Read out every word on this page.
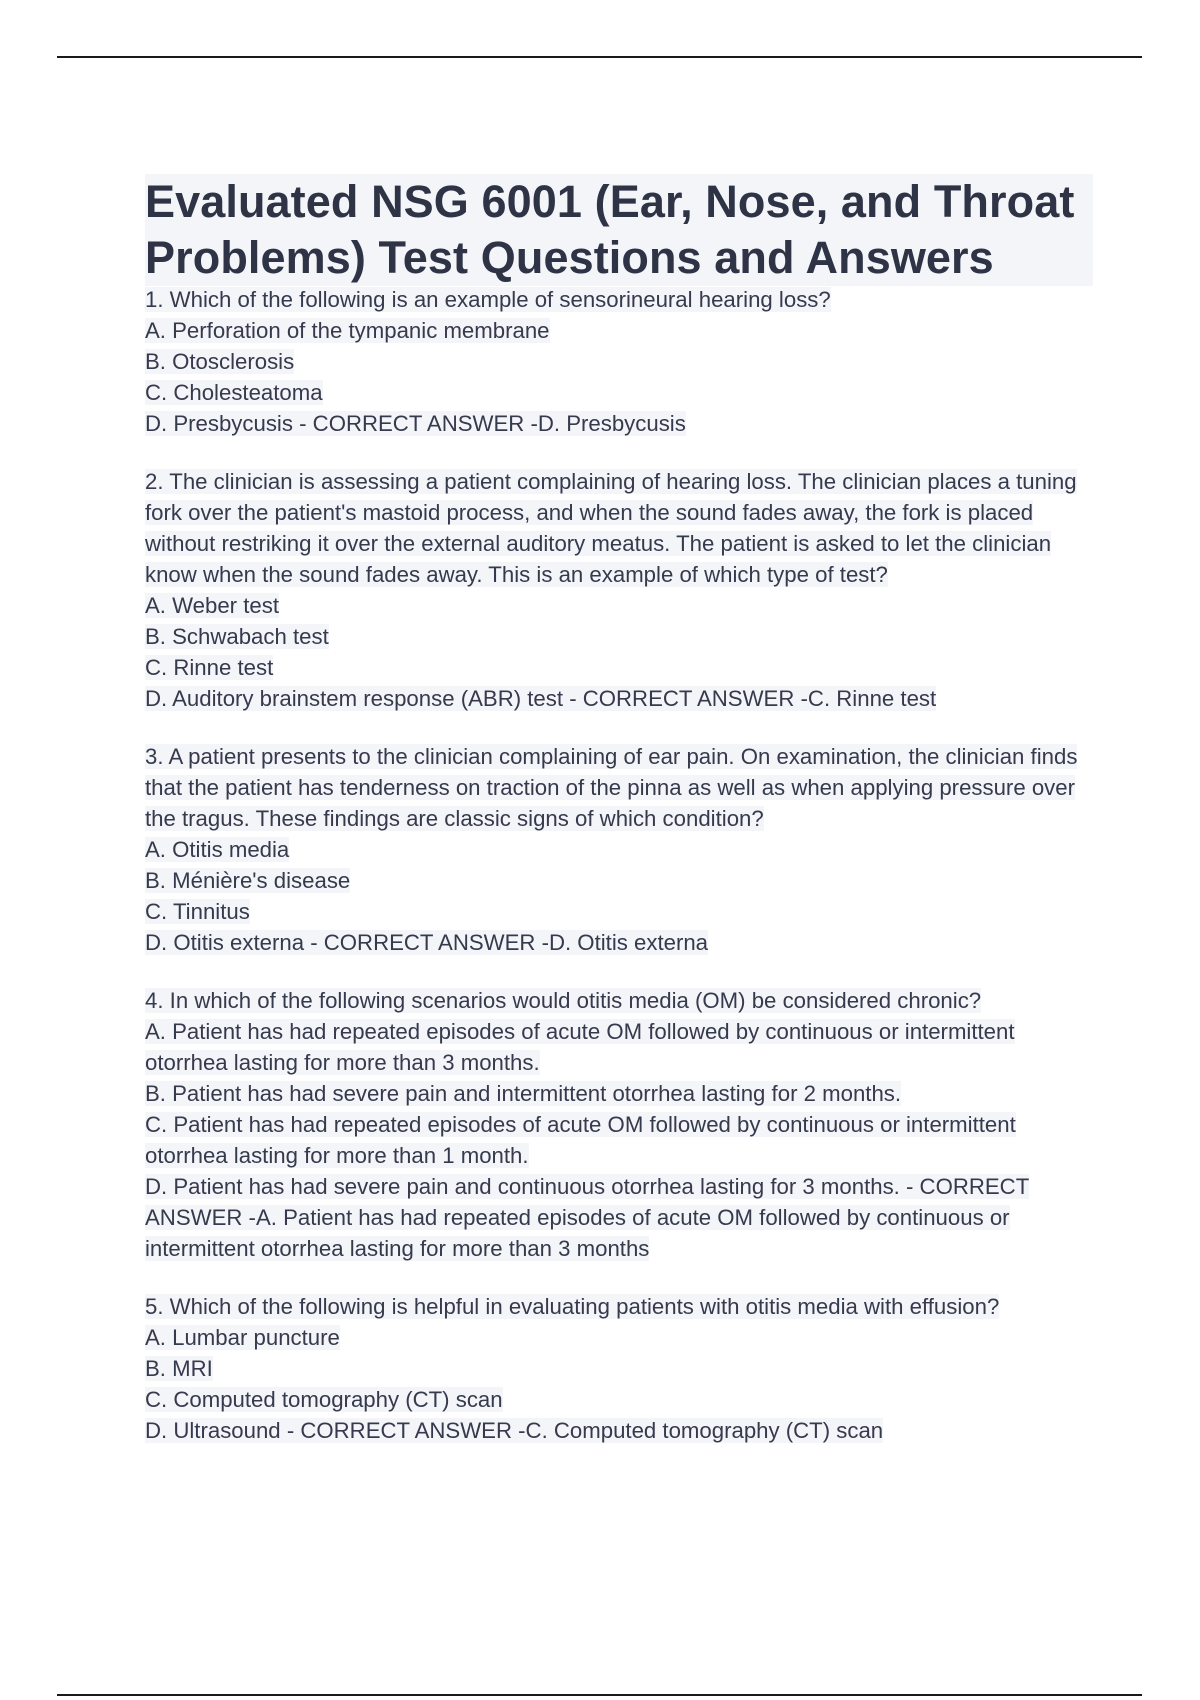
Evaluated NSG 6001 (Ear, Nose, and Throat Problems) Test Questions and Answers
1. Which of the following is an example of sensorineural hearing loss?
A. Perforation of the tympanic membrane
B. Otosclerosis
C. Cholesteatoma
D. Presbycusis - CORRECT ANSWER -D. Presbycusis
2. The clinician is assessing a patient complaining of hearing loss. The clinician places a tuning fork over the patient's mastoid process, and when the sound fades away, the fork is placed without restriking it over the external auditory meatus. The patient is asked to let the clinician know when the sound fades away. This is an example of which type of test?
A. Weber test
B. Schwabach test
C. Rinne test
D. Auditory brainstem response (ABR) test - CORRECT ANSWER -C. Rinne test
3. A patient presents to the clinician complaining of ear pain. On examination, the clinician finds that the patient has tenderness on traction of the pinna as well as when applying pressure over the tragus. These findings are classic signs of which condition?
A. Otitis media
B. Ménière's disease
C. Tinnitus
D. Otitis externa - CORRECT ANSWER -D. Otitis externa
4. In which of the following scenarios would otitis media (OM) be considered chronic?
A. Patient has had repeated episodes of acute OM followed by continuous or intermittent otorrhea lasting for more than 3 months.
B. Patient has had severe pain and intermittent otorrhea lasting for 2 months.
C. Patient has had repeated episodes of acute OM followed by continuous or intermittent otorrhea lasting for more than 1 month.
D. Patient has had severe pain and continuous otorrhea lasting for 3 months. - CORRECT ANSWER -A. Patient has had repeated episodes of acute OM followed by continuous or intermittent otorrhea lasting for more than 3 months
5. Which of the following is helpful in evaluating patients with otitis media with effusion?
A. Lumbar puncture
B. MRI
C. Computed tomography (CT) scan
D. Ultrasound - CORRECT ANSWER -C. Computed tomography (CT) scan
